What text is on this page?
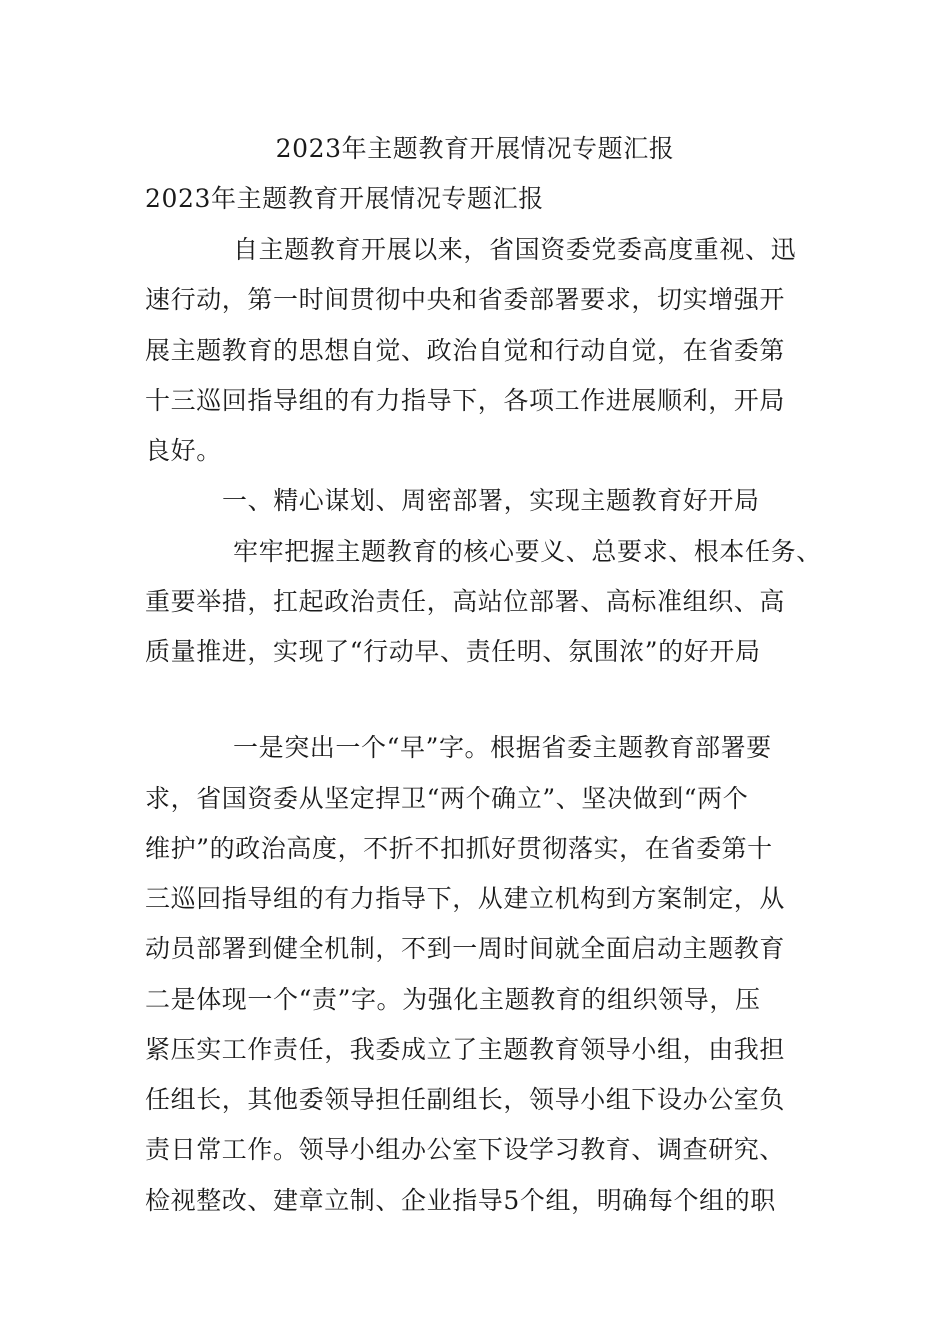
2023年主题教育开展情况专题汇报
2023年主题教育开展情况专题汇报
自主题教育开展以来，省国资委党委高度重视、迅
速行动，第一时间贯彻中央和省委部署要求，切实增强开
展主题教育的思想自觉、政治自觉和行动自觉，在省委第
十三巡回指导组的有力指导下，各项工作进展顺利，开局
良好。
一、精心谋划、周密部署，实现主题教育好开局
牢牢把握主题教育的核心要义、总要求、根本任务、
重要举措，扛起政治责任，高站位部署、高标准组织、高
质量推进，实现了“行动早、责任明、氛围浓”的好开局
一是突出一个“早”字。根据省委主题教育部署要
求，省国资委从坚定捍卫“两个确立”、坚决做到“两个
维护”的政治高度，不折不扣抓好贯彻落实，在省委第十
三巡回指导组的有力指导下，从建立机构到方案制定，从
动员部署到健全机制，不到一周时间就全面启动主题教育
二是体现一个“责”字。为强化主题教育的组织领导，压
紧压实工作责任，我委成立了主题教育领导小组，由我担
任组长，其他委领导担任副组长，领导小组下设办公室负
责日常工作。领导小组办公室下设学习教育、调查研究、
检视整改、建章立制、企业指导5个组，明确每个组的职
